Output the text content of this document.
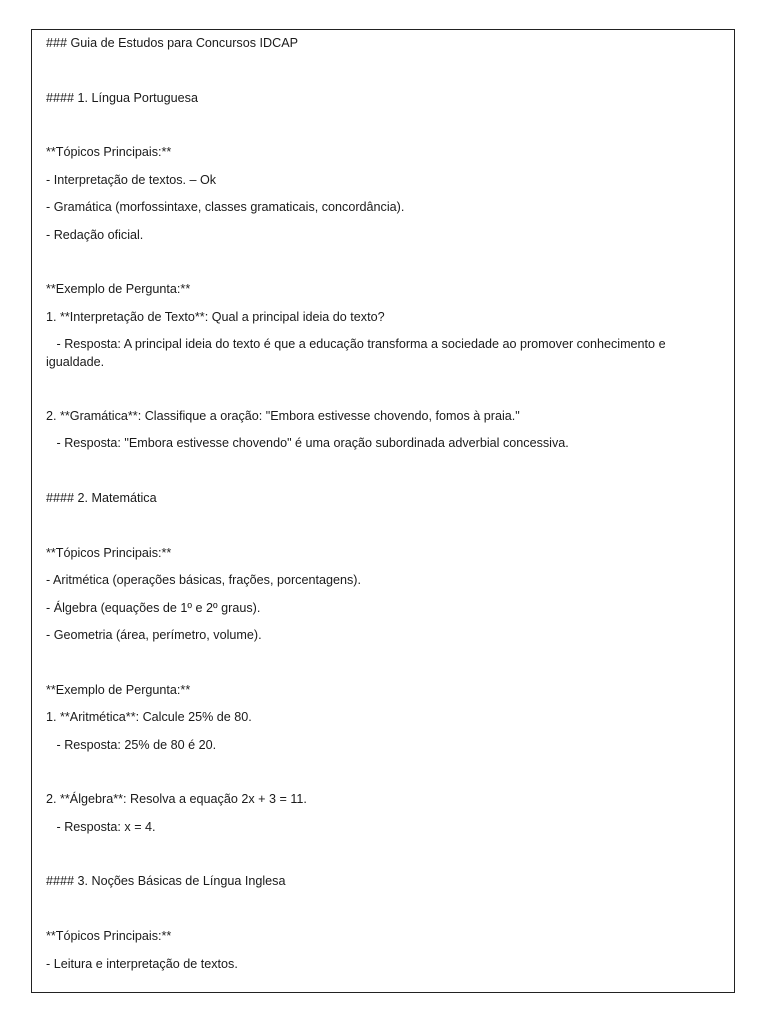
### Guia de Estudos para Concursos IDCAP
#### 1. Língua Portuguesa
**Tópicos Principais:**
- Interpretação de textos. – Ok
- Gramática (morfossintaxe, classes gramaticais, concordância).
- Redação oficial.
**Exemplo de Pergunta:**
1. **Interpretação de Texto**: Qual a principal ideia do texto?
- Resposta: A principal ideia do texto é que a educação transforma a sociedade ao promover conhecimento e igualdade.
2. **Gramática**: Classifique a oração: "Embora estivesse chovendo, fomos à praia."
- Resposta: "Embora estivesse chovendo" é uma oração subordinada adverbial concessiva.
#### 2. Matemática
**Tópicos Principais:**
- Aritmética (operações básicas, frações, porcentagens).
- Álgebra (equações de 1º e 2º graus).
- Geometria (área, perímetro, volume).
**Exemplo de Pergunta:**
1. **Aritmética**: Calcule 25% de 80.
- Resposta: 25% de 80 é 20.
2. **Álgebra**: Resolva a equação 2x + 3 = 11.
- Resposta: x = 4.
#### 3. Noções Básicas de Língua Inglesa
**Tópicos Principais:**
- Leitura e interpretação de textos.
